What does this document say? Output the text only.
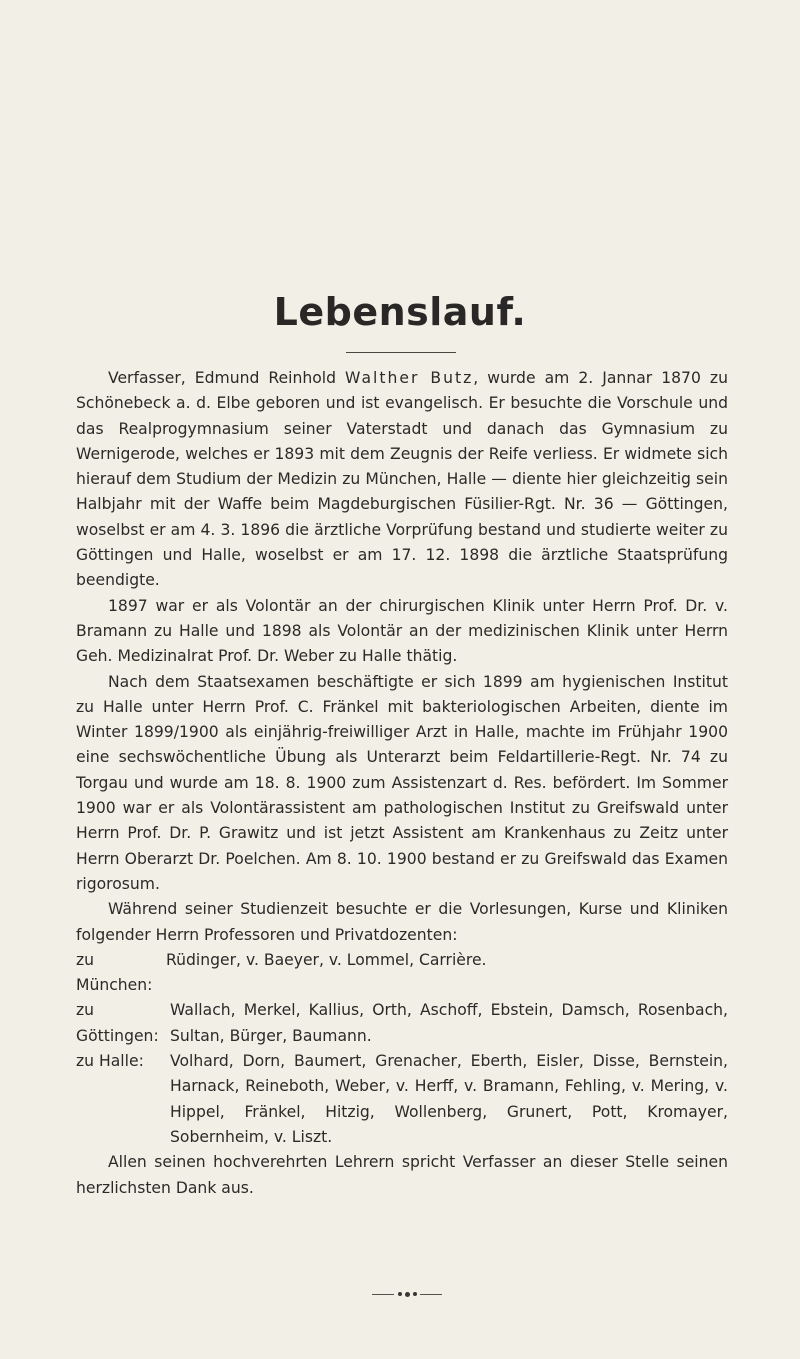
Lebenslauf.

Verfasser, Edmund Reinhold Walther Butz, wurde am 2. Jannar 1870 zu Schönebeck a. d. Elbe geboren und ist evangelisch. Er besuchte die Vorschule und das Realprogymnasium seiner Vaterstadt und danach das Gymnasium zu Wernigerode, welches er 1893 mit dem Zeugnis der Reife verliess. Er widmete sich hierauf dem Studium der Medizin zu München, Halle — diente hier gleichzeitig sein Halbjahr mit der Waffe beim Magdeburgischen Füsilier-Rgt. Nr. 36 — Göttingen, woselbst er am 4. 3. 1896 die ärztliche Vorprüfung bestand und studierte weiter zu Göttingen und Halle, woselbst er am 17. 12. 1898 die ärztliche Staatsprüfung beendigte.

1897 war er als Volontär an der chirurgischen Klinik unter Herrn Prof. Dr. v. Bramann zu Halle und 1898 als Volontär an der medizinischen Klinik unter Herrn Geh. Medizinalrat Prof. Dr. Weber zu Halle thätig.

Nach dem Staatsexamen beschäftigte er sich 1899 am hygienischen Institut zu Halle unter Herrn Prof. C. Fränkel mit bakteriologischen Arbeiten, diente im Winter 1899/1900 als einjährig-freiwilliger Arzt in Halle, machte im Frühjahr 1900 eine sechswöchentliche Übung als Unterarzt beim Feldartillerie-Regt. Nr. 74 zu Torgau und wurde am 18. 8. 1900 zum Assistenzart d. Res. befördert. Im Sommer 1900 war er als Volontärassistent am pathologischen Institut zu Greifswald unter Herrn Prof. Dr. P. Grawitz und ist jetzt Assistent am Krankenhaus zu Zeitz unter Herrn Oberarzt Dr. Poelchen. Am 8. 10. 1900 bestand er zu Greifswald das Examen rigorosum.

Während seiner Studienzeit besuchte er die Vorlesungen, Kurse und Kliniken folgender Herrn Professoren und Privatdozenten:

zu München:
Rüdinger, v. Baeyer, v. Lommel, Carrière.
zu Göttingen:
Wallach, Merkel, Kallius, Orth, Aschoff, Ebstein, Damsch, Rosenbach, Sultan, Bürger, Baumann.
zu Halle:	Volhard, Dorn, Baumert, Grenacher, Eberth, Eisler, Disse, Bernstein, Harnack, Reineboth, Weber, v. Herff, v. Bramann, Fehling, v. Mering, v. Hippel, Fränkel, Hitzig, Wollenberg, Grunert, Pott, Kromayer, Sobernheim, v. Liszt.

Allen seinen hochverehrten Lehrern spricht Verfasser an dieser Stelle seinen herzlichsten Dank aus.
